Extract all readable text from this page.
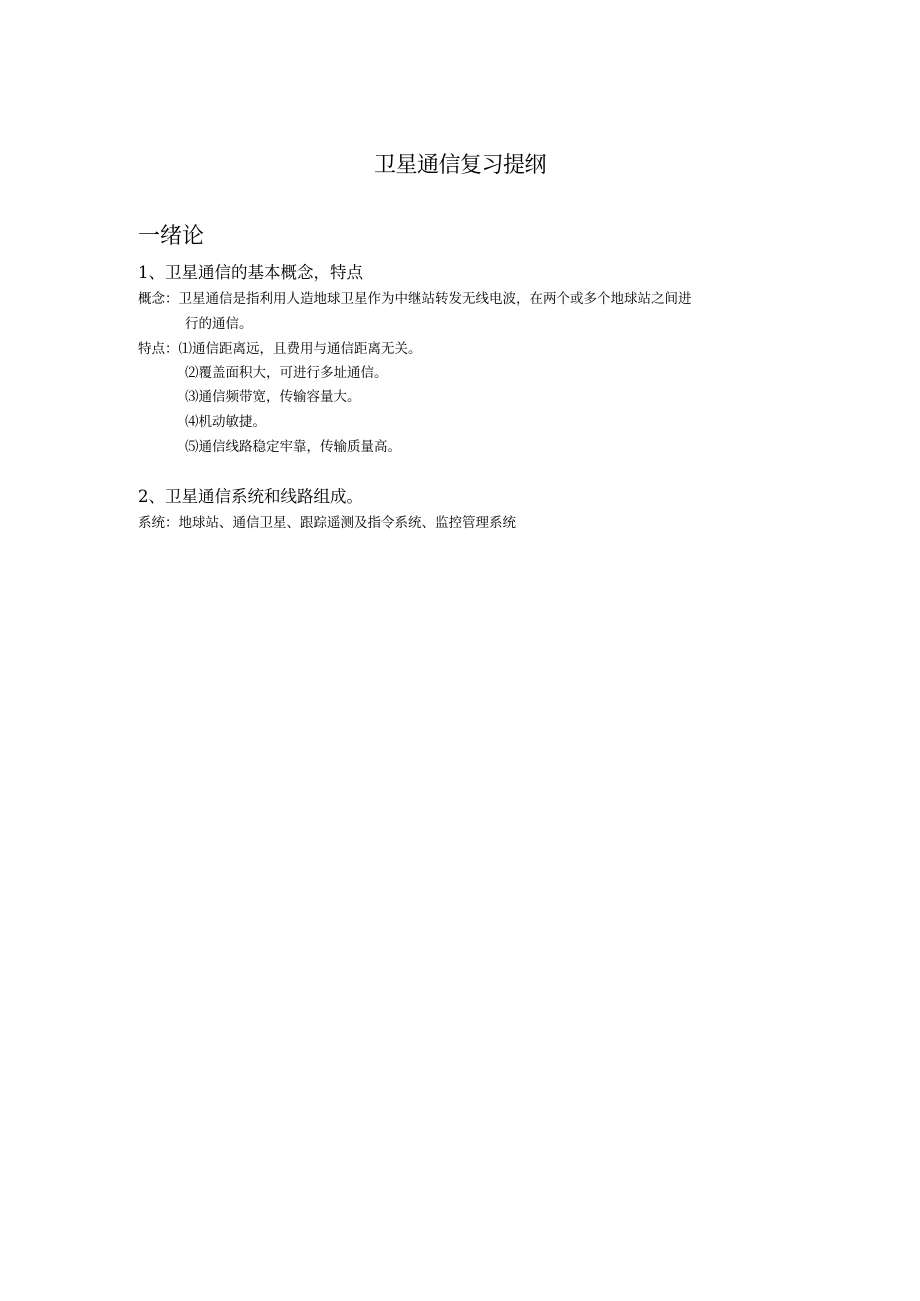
卫星通信复习提纲
一绪论
1、卫星通信的基本概念，特点
概念：卫星通信是指利用人造地球卫星作为中继站转发无线电波，在两个或多个地球站之间进
行的通信。
特点：⑴通信距离远，且费用与通信距离无关。
⑵覆盖面积大，可进行多址通信。
⑶通信频带宽，传输容量大。
⑷机动敏捷。
⑸通信线路稳定牢靠，传输质量高。
2、卫星通信系统和线路组成。
系统：地球站、通信卫星、跟踪遥测及指令系统、监控管理系统
